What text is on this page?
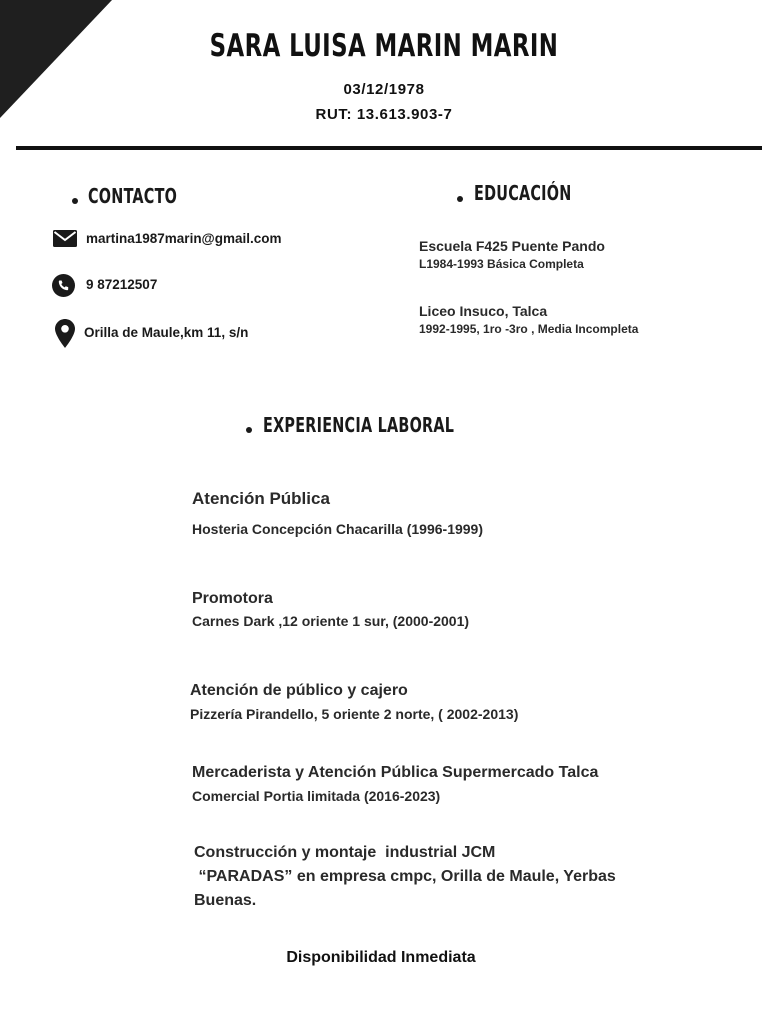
SARA LUISA MARIN MARIN
03/12/1978
RUT: 13.613.903-7
CONTACTO
martina1987marin@gmail.com
9 87212507
Orilla de Maule,km 11, s/n
EDUCACIÓN
Escuela F425 Puente Pando
L1984-1993 Básica Completa
Liceo Insuco, Talca
1992-1995, 1ro -3ro , Media Incompleta
EXPERIENCIA LABORAL
Atención Pública
Hosteria Concepción Chacarilla (1996-1999)
Promotora
Carnes Dark ,12 oriente 1 sur, (2000-2001)
Atención de público y cajero
Pizzería Pirandello, 5 oriente 2 norte, ( 2002-2013)
Mercaderista y Atención Pública Supermercado Talca
Comercial Portia limitada (2016-2023)
Construcción y montaje  industrial JCM
“PARADAS” en empresa cmpc, Orilla de Maule, Yerbas
Buenas.
Disponibilidad Inmediata
